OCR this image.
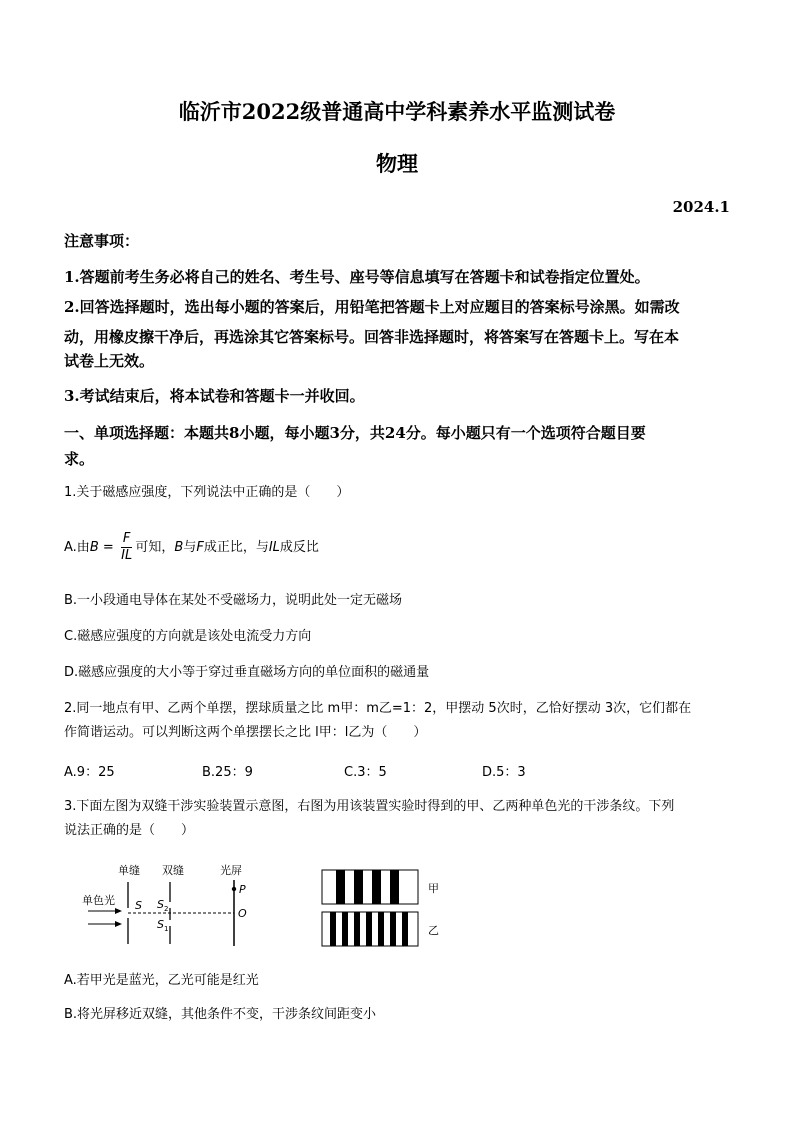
临沂市2022级普通高中学科素养水平监测试卷
物理
2024.1
注意事项：
1.答题前考生务必将自己的姓名、考生号、座号等信息填写在答题卡和试卷指定位置处。
2.回答选择题时，选出每小题的答案后，用铅笔把答题卡上对应题目的答案标号涂黑。如需改
动，用橡皮擦干净后，再选涂其它答案标号。回答非选择题时，将答案写在答题卡上。写在本
试卷上无效。
3.考试结束后，将本试卷和答题卡一并收回。
一、单项选择题：本题共8小题，每小题3分，共24分。每小题只有一个选项符合题目要
求。
1.关于磁感应强度，下列说法中正确的是（　　）
A.由$B = \frac{F}{IL}$ 可知，B与F成正比，与IL成反比
B.一小段通电导体在某处不受磁场力，说明此处一定无磁场
C.磁感应强度的方向就是该处电流受力方向
D.磁感应强度的大小等于穿过垂直磁场方向的单位面积的磁通量
2.同一地点有甲、乙两个单摆，摆球质量之比 m甲：m乙=1：2，甲摆动 5次时，乙恰好摆动 3次，它们都在
作简谐运动。可以判断这两个单摆摆长之比 l甲：l乙为（　　）
A.9：25	B.25：9	C.3：5	D.5：3
3.下面左图为双缝干涉实验装置示意图，右图为用该装置实验时得到的甲、乙两种单色光的干涉条纹。下列
说法正确的是（　　）
单缝 双缝	光屏
单色光 S S 2
S 1
P
O
甲
乙
A.若甲光是蓝光，乙光可能是红光
B.将光屏移近双缝，其他条件不变，干涉条纹间距变小
